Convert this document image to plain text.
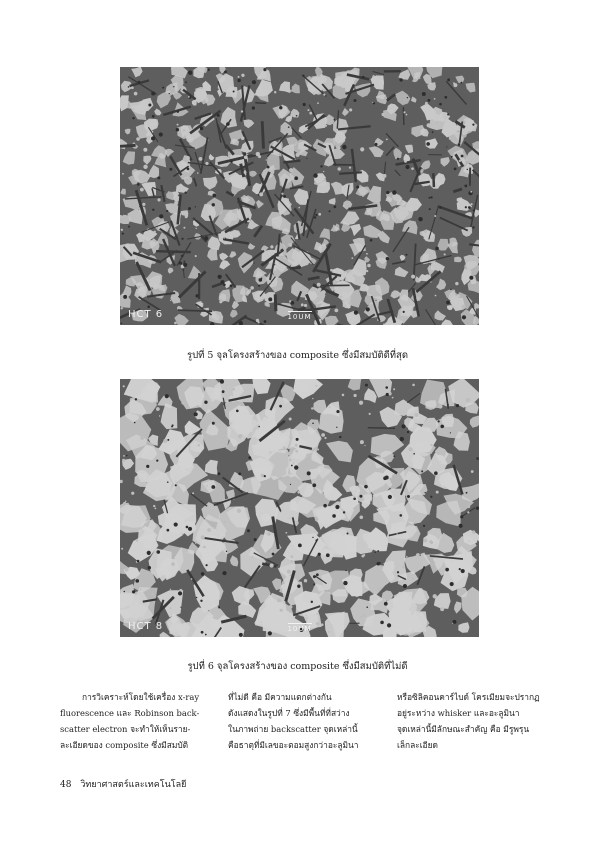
HCT 6	10UM
รูปที่ 5 จุลโครงสร้างของ composite ซึ่งมีสมบัติดีที่สุด
HCT 8	10UM
รูปที่ 6 จุลโครงสร้างของ composite ซึ่งมีสมบัติที่ไม่ดี

การวิเคราะห์โดยใช้เครื่อง x-ray

fluorescence และ Robinson back-

scatter electron จะทำให้เห็นราย-

ละเอียดของ composite ซึ่งมีสมบัติ

ที่ไม่ดี คือ มีความแตกต่างกัน

ดังแสดงในรูปที่ 7 ซึ่งมีพื้นที่ที่สว่าง

ในภาพถ่าย backscatter จุดเหล่านี้

คือธาตุที่มีเลขอะตอมสูงกว่าอะลูมินา

หรือซิลิคอนคาร์ไบด์ โครเมียมจะปรากฏ

อยู่ระหว่าง whisker และอะลูมินา

จุดเหล่านี้มีลักษณะสำคัญ คือ มีรูพรุน

เล็กละเอียด

48 วิทยาศาสตร์และเทคโนโลยี
